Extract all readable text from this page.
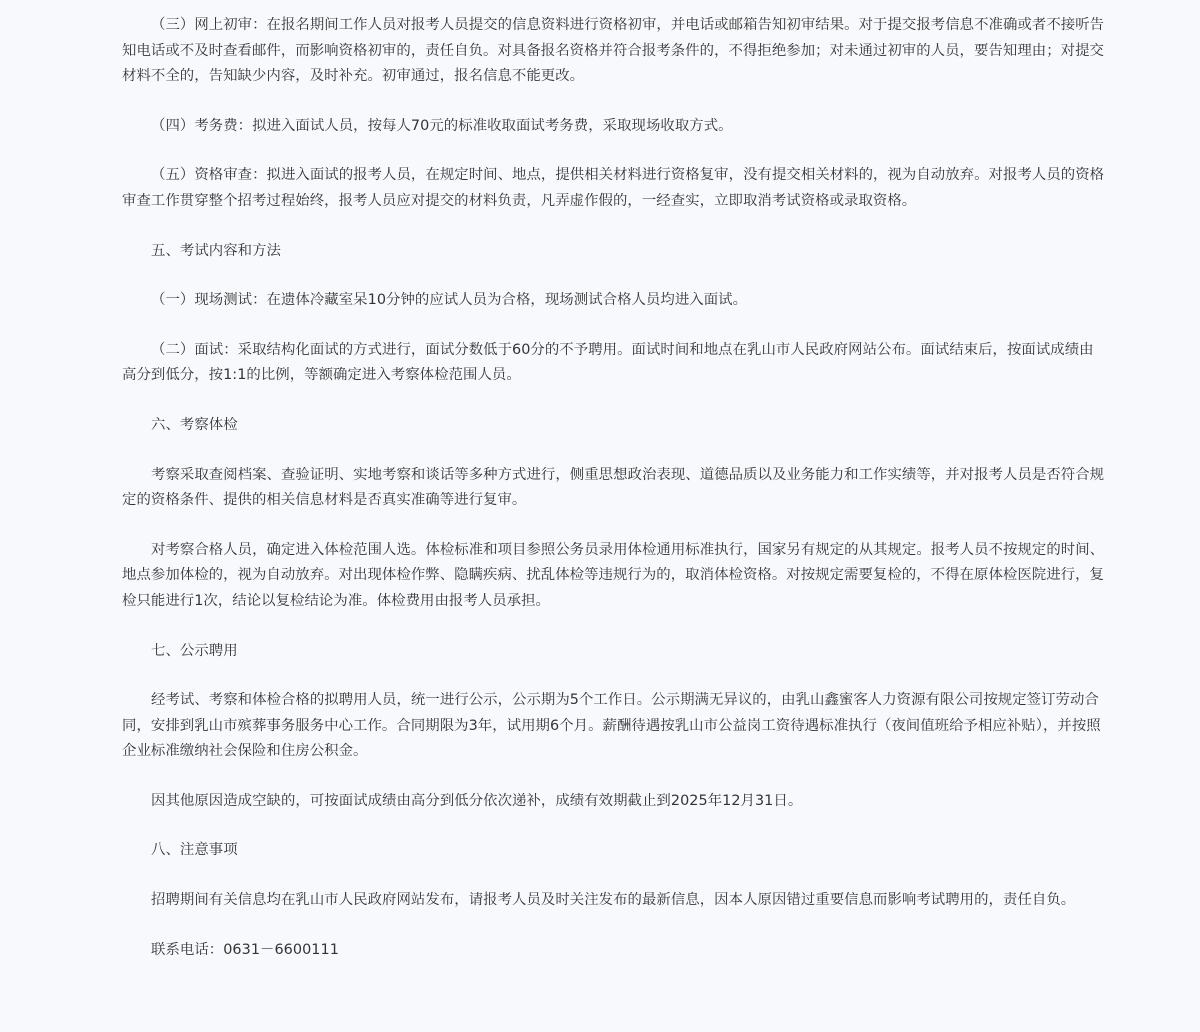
（三）网上初审：在报名期间工作人员对报考人员提交的信息资料进行资格初审，并电话或邮箱告知初审结果。对于提交报考信息不准确或者不接听告知电话或不及时查看邮件，而影响资格初审的，责任自负。对具备报名资格并符合报考条件的，不得拒绝参加；对未通过初审的人员，要告知理由；对提交材料不全的，告知缺少内容，及时补充。初审通过，报名信息不能更改。

（四）考务费：拟进入面试人员，按每人70元的标准收取面试考务费，采取现场收取方式。

（五）资格审查：拟进入面试的报考人员，在规定时间、地点，提供相关材料进行资格复审，没有提交相关材料的，视为自动放弃。对报考人员的资格审查工作贯穿整个招考过程始终，报考人员应对提交的材料负责，凡弄虚作假的，一经查实，立即取消考试资格或录取资格。

五、考试内容和方法

（一）现场测试：在遗体冷藏室呆10分钟的应试人员为合格，现场测试合格人员均进入面试。

（二）面试：采取结构化面试的方式进行，面试分数低于60分的不予聘用。面试时间和地点在乳山市人民政府网站公布。面试结束后，按面试成绩由高分到低分，按1:1的比例，等额确定进入考察体检范围人员。

六、考察体检

考察采取查阅档案、查验证明、实地考察和谈话等多种方式进行，侧重思想政治表现、道德品质以及业务能力和工作实绩等，并对报考人员是否符合规定的资格条件、提供的相关信息材料是否真实准确等进行复审。

对考察合格人员，确定进入体检范围人选。体检标准和项目参照公务员录用体检通用标准执行，国家另有规定的从其规定。报考人员不按规定的时间、地点参加体检的，视为自动放弃。对出现体检作弊、隐瞒疾病、扰乱体检等违规行为的，取消体检资格。对按规定需要复检的，不得在原体检医院进行，复检只能进行1次，结论以复检结论为准。体检费用由报考人员承担。

七、公示聘用

经考试、考察和体检合格的拟聘用人员，统一进行公示，公示期为5个工作日。公示期满无异议的，由乳山鑫蜜客人力资源有限公司按规定签订劳动合同，安排到乳山市殡葬事务服务中心工作。合同期限为3年，试用期6个月。薪酬待遇按乳山市公益岗工资待遇标准执行（夜间值班给予相应补贴），并按照企业标准缴纳社会保险和住房公积金。

因其他原因造成空缺的，可按面试成绩由高分到低分依次递补，成绩有效期截止到2025年12月31日。

八、注意事项

招聘期间有关信息均在乳山市人民政府网站发布，请报考人员及时关注发布的最新信息，因本人原因错过重要信息而影响考试聘用的，责任自负。

联系电话：0631－6600111
